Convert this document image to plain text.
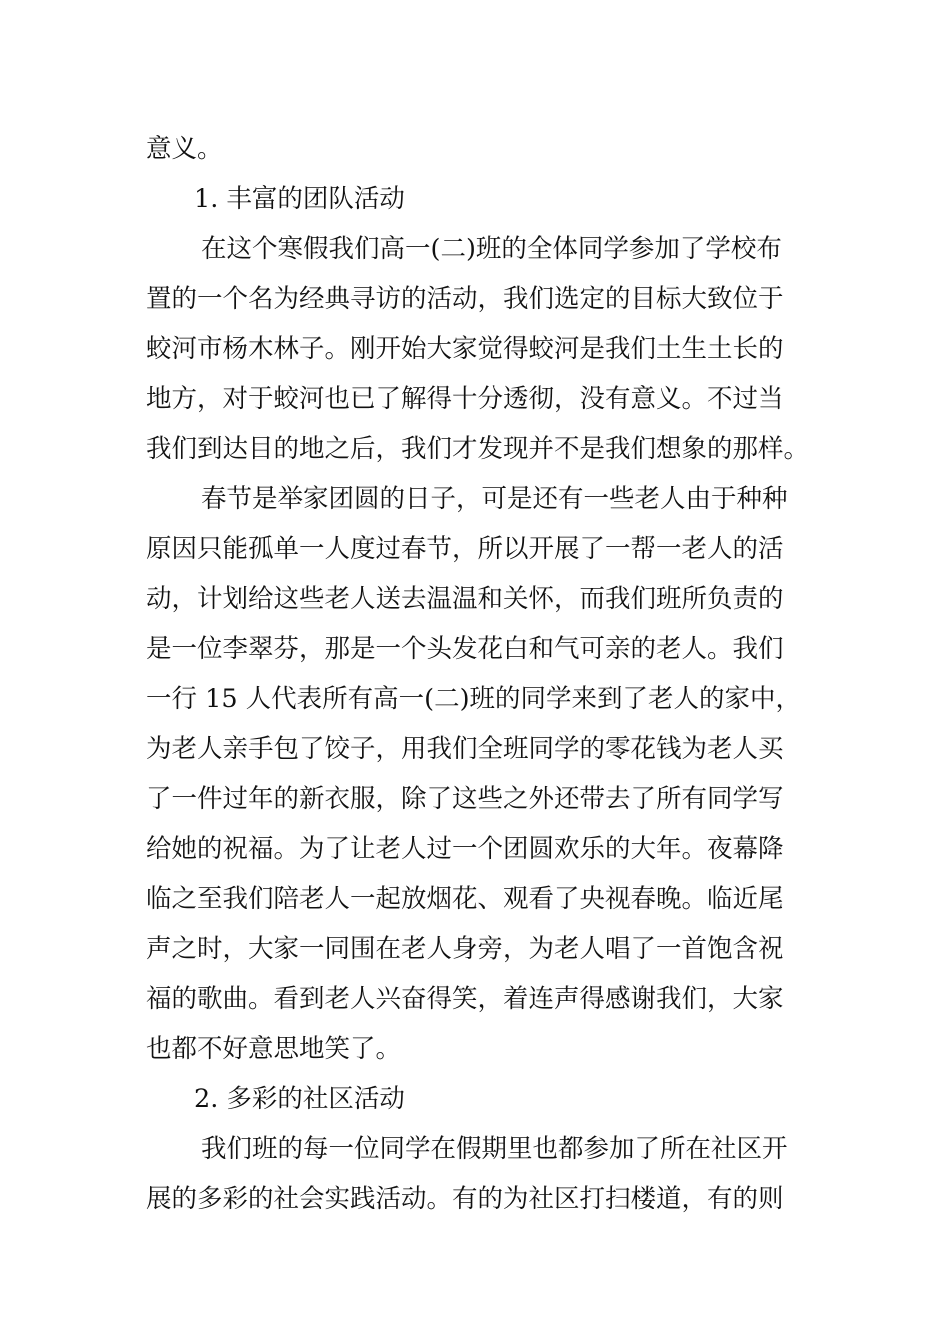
意义。
1. 丰富的团队活动
在这个寒假我们高一(二)班的全体同学参加了学校布
置的一个名为经典寻访的活动，我们选定的目标大致位于
蛟河市杨木林子。刚开始大家觉得蛟河是我们土生土长的
地方，对于蛟河也已了解得十分透彻，没有意义。不过当
我们到达目的地之后，我们才发现并不是我们想象的那样。
春节是举家团圆的日子，可是还有一些老人由于种种
原因只能孤单一人度过春节，所以开展了一帮一老人的活
动，计划给这些老人送去温温和关怀，而我们班所负责的
是一位李翠芬，那是一个头发花白和气可亲的老人。我们
一行 15 人代表所有高一(二)班的同学来到了老人的家中，
为老人亲手包了饺子，用我们全班同学的零花钱为老人买
了一件过年的新衣服，除了这些之外还带去了所有同学写
给她的祝福。为了让老人过一个团圆欢乐的大年。夜幕降
临之至我们陪老人一起放烟花、观看了央视春晚。临近尾
声之时，大家一同围在老人身旁，为老人唱了一首饱含祝
福的歌曲。看到老人兴奋得笑，着连声得感谢我们，大家
也都不好意思地笑了。
2. 多彩的社区活动
我们班的每一位同学在假期里也都参加了所在社区开
展的多彩的社会实践活动。有的为社区打扫楼道，有的则
